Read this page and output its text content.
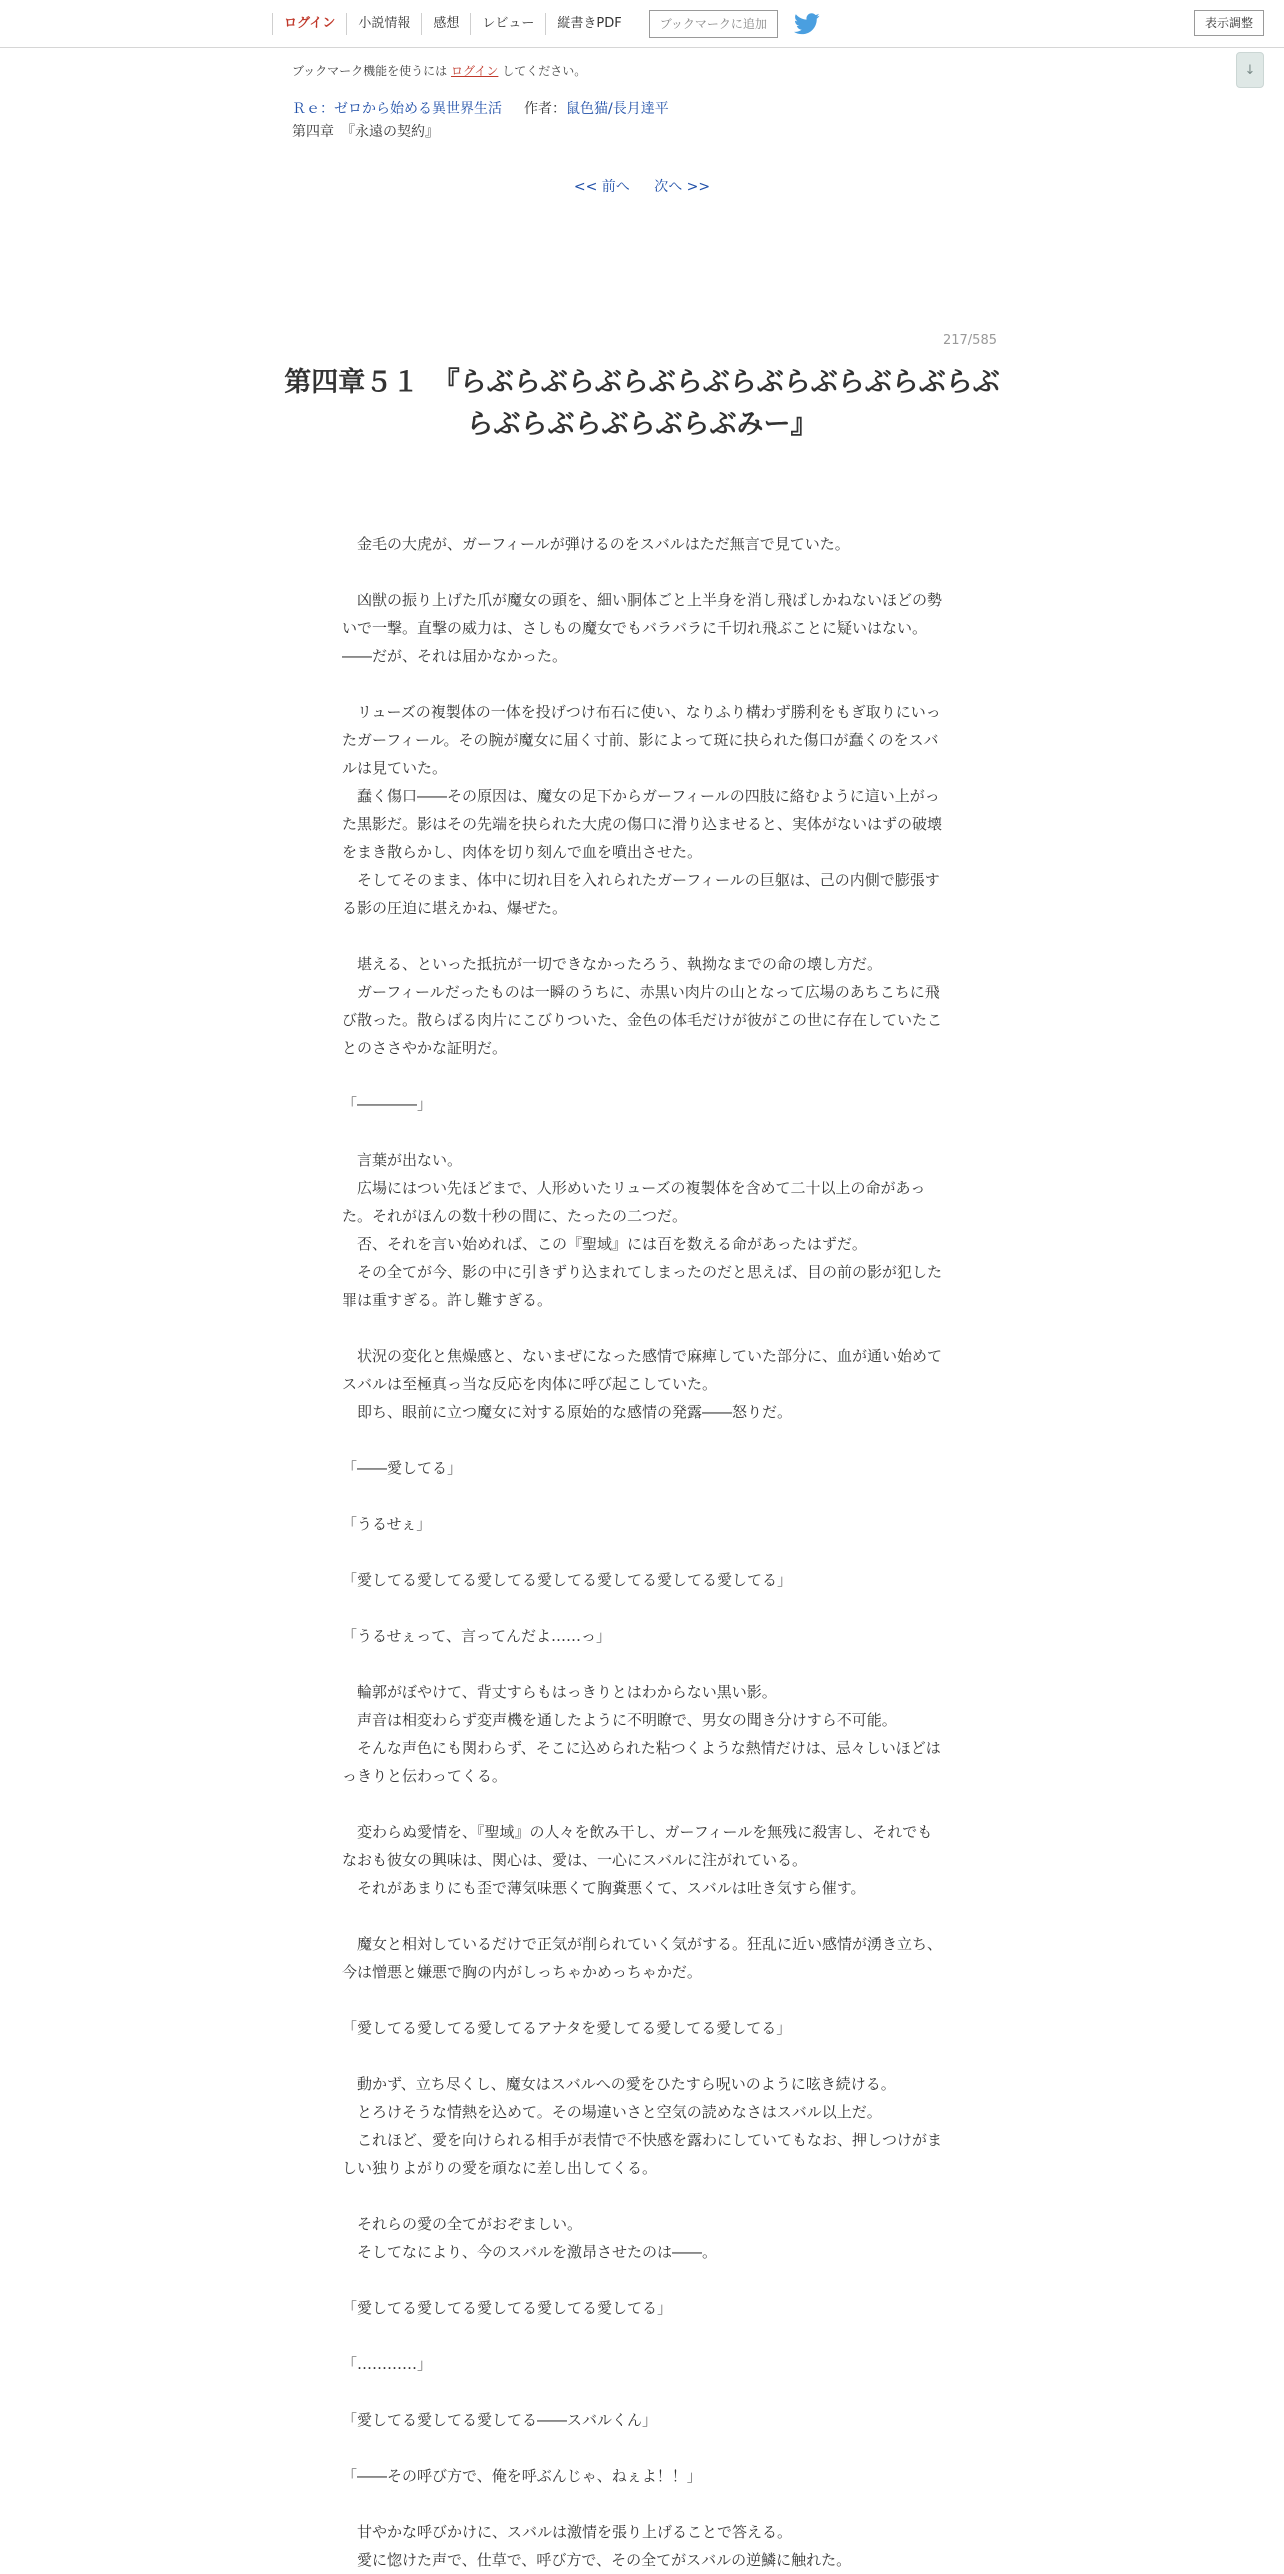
ログイン	小説情報	感想	レビュー	縦書きPDF	ブックマークに追加	表示調整
↓
ブックマーク機能を使うには ログイン してください。
Ｒｅ：ゼロから始める異世界生活 作者：鼠色猫/長月達平
第四章　『永遠の契約』
<< 前へ 次へ >>
217/585
第四章５１　『らぶらぶらぶらぶらぶらぶらぶらぶらぶらぶらぶらぶらぶらぶらぶみー』

　金毛の大虎が、ガーフィールが弾けるのをスバルはただ無言で見ていた。

　凶獣の振り上げた爪が魔女の頭を、細い胴体ごと上半身を消し飛ばしかねないほどの勢いで一撃。直撃の威力は、さしもの魔女でもバラバラに千切れ飛ぶことに疑いはない。――だが、それは届かなかった。

　リューズの複製体の一体を投げつけ布石に使い、なりふり構わず勝利をもぎ取りにいったガーフィール。その腕が魔女に届く寸前、影によって斑に抉られた傷口が蠢くのをスバルは見ていた。

　蠢く傷口――その原因は、魔女の足下からガーフィールの四肢に絡むように這い上がった黒影だ。影はその先端を抉られた大虎の傷口に滑り込ませると、実体がないはずの破壊をまき散らかし、肉体を切り刻んで血を噴出させた。

　そしてそのまま、体中に切れ目を入れられたガーフィールの巨躯は、己の内側で膨張する影の圧迫に堪えかね、爆ぜた。

　堪える、といった抵抗が一切できなかったろう、執拗なまでの命の壊し方だ。

　ガーフィールだったものは一瞬のうちに、赤黒い肉片の山となって広場のあちこちに飛び散った。散らばる肉片にこびりついた、金色の体毛だけが彼がこの世に存在していたことのささやかな証明だ。

「――――」

　言葉が出ない。

　広場にはつい先ほどまで、人形めいたリューズの複製体を含めて二十以上の命があった。それがほんの数十秒の間に、たったの二つだ。

　否、それを言い始めれば、この『聖域』には百を数える命があったはずだ。

　その全てが今、影の中に引きずり込まれてしまったのだと思えば、目の前の影が犯した罪は重すぎる。許し難すぎる。

　状況の変化と焦燥感と、ないまぜになった感情で麻痺していた部分に、血が通い始めてスバルは至極真っ当な反応を肉体に呼び起こしていた。

　即ち、眼前に立つ魔女に対する原始的な感情の発露――怒りだ。

「――愛してる」

「うるせぇ」

「愛してる愛してる愛してる愛してる愛してる愛してる愛してる」

「うるせぇって、言ってんだよ……っ」

　輪郭がぼやけて、背丈すらもはっきりとはわからない黒い影。

　声音は相変わらず変声機を通したように不明瞭で、男女の聞き分けすら不可能。

　そんな声色にも関わらず、そこに込められた粘つくような熱情だけは、忌々しいほどはっきりと伝わってくる。

　変わらぬ愛情を、『聖域』の人々を飲み干し、ガーフィールを無残に殺害し、それでもなおも彼女の興味は、関心は、愛は、一心にスバルに注がれている。

　それがあまりにも歪で薄気味悪くて胸糞悪くて、スバルは吐き気すら催す。

　魔女と相対しているだけで正気が削られていく気がする。狂乱に近い感情が湧き立ち、今は憎悪と嫌悪で胸の内がしっちゃかめっちゃかだ。

「愛してる愛してる愛してるアナタを愛してる愛してる愛してる」

　動かず、立ち尽くし、魔女はスバルへの愛をひたすら呪いのように呟き続ける。

　とろけそうな情熱を込めて。その場違いさと空気の読めなさはスバル以上だ。

　これほど、愛を向けられる相手が表情で不快感を露わにしていてもなお、押しつけがましい独りよがりの愛を頑なに差し出してくる。

　それらの愛の全てがおぞましい。

　そしてなにより、今のスバルを激昂させたのは――。

「愛してる愛してる愛してる愛してる愛してる」

「…………」

「愛してる愛してる愛してる――スバルくん」

「――その呼び方で、俺を呼ぶんじゃ、ねぇよ！！」

　甘やかな呼びかけに、スバルは激情を張り上げることで答える。

　愛に惚けた声で、仕草で、呼び方で、その全てがスバルの逆鱗に触れた。
